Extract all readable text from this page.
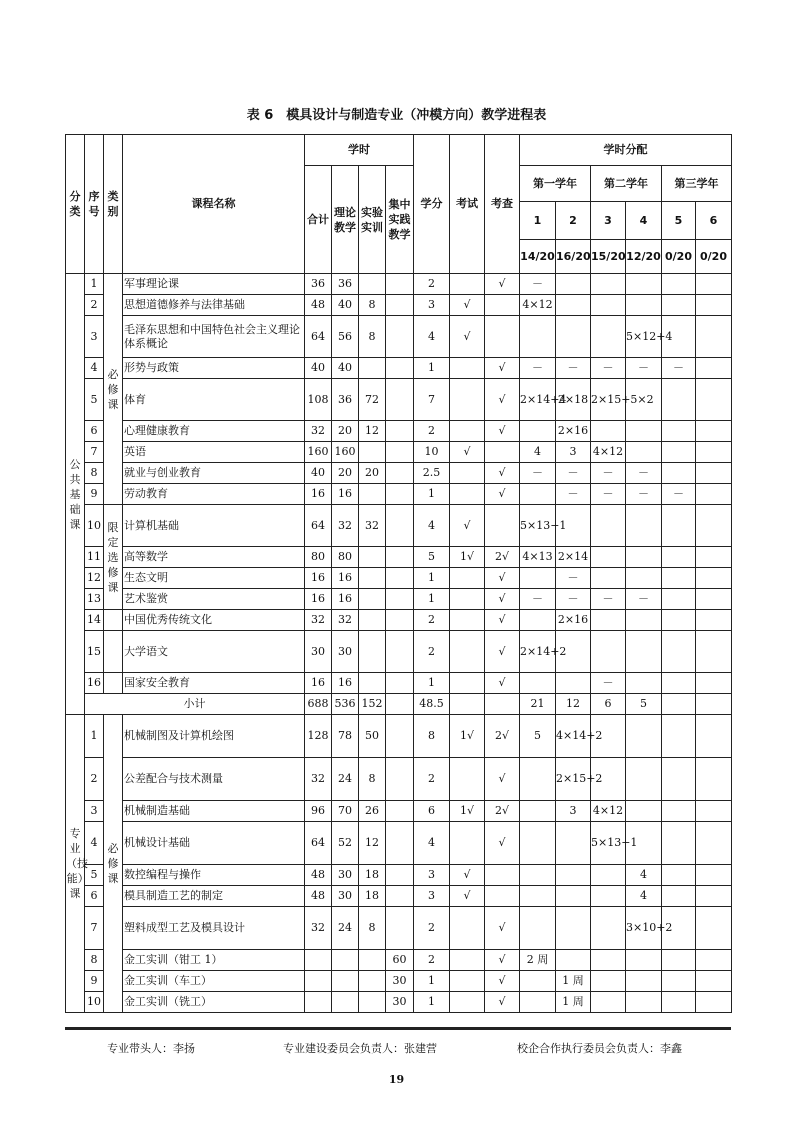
表 6　模具设计与制造专业（冲模方向）教学进程表
分类	序号	类别	课程名称	学时				学分	考试	考查	学时分配					
				合计	理论教学	实验实训	集中实践教学				第一学年		第二学年		第三学年	
											1	2	3	4	5	6
											14/20	16/20	15/20	12/20	0/20	0/20
公共基础课	1	必修课	军事理论课	36	36			2		√	－					
	2		思想道德修养与法律基础	48	40	8		3	√		4×12					
	3		毛泽东思想和中国特色社会主义理论体系概论	64	56	8		4	√					5×12+4		
	4		形势与政策	40	40			1		√	－	－	－	－	－	
	5		体育	108	36	72		7		√	2×14+4	2×18	2×15+5×2			
	6		心理健康教育	32	20	12		2		√		2×16				
	7		英语	160	160			10	√		4	3	4×12			
	8		就业与创业教育	40	20	20		2.5		√	－	－	－	－		
	9		劳动教育	16	16			1		√		－	－	－	－	
	10	限定选修课	计算机基础	64	32	32		4	√		5×13−1					
	11		高等数学	80	80			5	1√	2√	4×13	2×14				
	12		生态文明	16	16			1		√		－				
	13		艺术鉴赏	16	16			1		√	－	－	－	－		
	14		中国优秀传统文化	32	32			2		√		2×16				
	15		大学语文	30	30			2		√	2×14+2					
	16		国家安全教育	16	16			1		√			－			
	小计			688	536	152		48.5			21	12	6	5		
专业（技能）课	1	必修课	机械制图及计算机绘图	128	78	50		8	1√	2√	5	4×14+2				
	2		公差配合与技术测量	32	24	8		2		√		2×15+2				
	3		机械制造基础	96	70	26		6	1√	2√		3	4×12			
	4		机械设计基础	64	52	12		4		√			5×13−1			
	5		数控编程与操作	48	30	18		3	√					4		
	6		模具制造工艺的制定	48	30	18		3	√					4		
	7		塑料成型工艺及模具设计	32	24	8		2		√				3×10+2		
	8		金工实训（钳工 1）				60	2		√	2 周					
	9		金工实训（车工）				30	1		√		1 周				
	10		金工实训（铣工）				30	1		√		1 周				
专业带头人：李扬	专业建设委员会负责人：张建营	校企合作执行委员会负责人：李鑫
19
